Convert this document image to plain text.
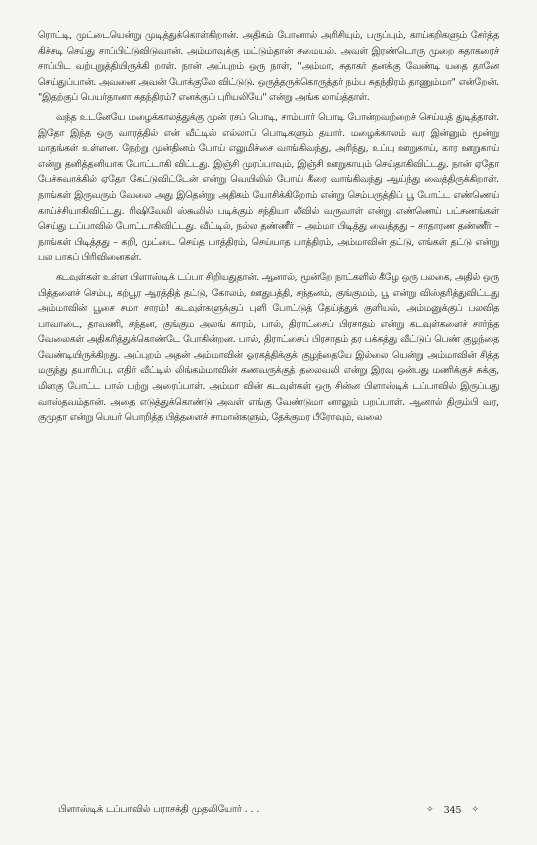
ரொட்டி, முட்டையென்று முடித்துக்கொள்கிறான். அதிகம் போனால் அரிசியும், பருப்பும், காய்கறிகளும் சேர்த்த கிச்சடி செய்து சாப்பிட்டுவிடுவான். அம்மாவுக்கு மட்டும்தான் சமையல். அவள் இரண்டொரு முறை சுதாகரைச் சாப்பிட வற்புறுத்தியிருக்கி றாள். நான் அப்புறம் ஒரு நாள், "அம்மா, சுதாகர் தனக்கு வேண்டி யதை தானே செய்துப்பான். அவனை அவன் போக்குலே விட்டுடு. ஒருத்தருக்கொருத்தர் நம்ப சுதந்திரம் தாணும்மா" என்றேன். "இதற்குப் பெயர்தானா சுதந்திரம்? எனக்குப் புரியலியே" என்று அங்க லாய்த்தாள்.

வந்த உடனேயே மழைக்காலத்துக்கு முன் ரசப் பொடி, சாம்பார் பொடி போன்றவற்றைச் செய்யத் துடித்தாள். இதோ இந்த ஒரு வாரத்தில் என் வீட்டில் எல்லாப் பொடிகளும் தயார். மழைக்காலம் வர இன்னும் மூன்று மாதங்கள் உள்ளன. நேற்று முன்தினம் போய் எலுமிச்சை வாங்கிவந்து, அரிந்து, உப்பு ஊறுகாய், கார ஊறுகாய் என்று தனித்தனியாக போட்டாகி விட்டது. இஞ்சி முரப்பாவும், இஞ்சி ஊறுகாயும் செய்தாகிவிட்டது. நான் ஏதோ பேச்சுவாக்கில் ஏதோ கேட்டுவிட்டேன் என்று வெயிலில் போய் கீரை வாங்கிவந்து ஆய்ந்து வைத்திருக்கிறாள். நாங்கள் இருவரும் வேலை அது இதென்று அதிகம் யோசிக்கிறோம் என்று செம்பருத்திப் பூ போட்ட எண்ணெய் காய்ச்சியாகிவிட்டது. ரிஷிவேலி ஸ்கூலில் படிக்கும் சந்தியா லீவில் வருவாள் என்று எண்ணெய் பட்சணங்கள் செய்து டப்பாவில் போட்டாகிவிட்டது. வீட்டில், நல்ல தண்ணீர் – அம்மா பிடித்து வைத்தது – சாதாரண தண்ணீர் – நாங்கள் பிடித்தது – கறி, முட்டை செய்த பாத்திரம், செய்யாத பாத்திரம், அம்மாவின் தட்டு, எங்கள் தட்டு என்று பல பாகப் பிரிவினைகள்.

கடவுள்கள் உள்ள பிளாஸ்டிக் டப்பா சிறியதுதான். ஆனால், மூன்றே நாட்களில் கீழே ஒரு பலகை, அதில் ஒரு பித்தளைச் செம்பு, கற்பூர ஆரத்தித் தட்டு, கோலம், ஊதுபத்தி, சந்தனம், குங்குமம், பூ என்று விஸ்தரித்துவிட்டது அம்மாவின் பூசை சமா சாரம்! கடவுள்களுக்குப் புளி போட்டுத் தேய்த்துக் குளியல், அம்மனுக்குப் பலவித பாவாடை, தாவணி, சந்தன, குங்கும அலங் காரம், பால், திராட்சைப் பிரசாதம் என்று கடவுள்களைச் சார்ந்த வேலைகள் அதிகரித்துக்கொண்டே போகின்றன. பால், திராட்சைப் பிரசாதம் தர பக்கத்து வீட்டுப் பெண் குழந்தை வேண்டியிருக்கிறது. அப்புறம் அதன் அம்மாவின் ஓரகத்திக்குக் குழந்தையே இல்லை யென்று அம்மாவின் சித்த மருந்து தயாரிப்பு. எதிர் வீட்டில் லிங்கம்மாவின் கணவருக்குத் தலைவலி என்று இரவு ஒன்பது மணிக்குச் சுக்கு, மிளகு போட்ட பால் பற்று அரைப்பாள். அம்மா வின் கடவுள்கள் ஒரு சின்ன பிளாஸ்டிக் டப்பாவில் இருப்பது வாஸ்தவம்தான். அதை எடுத்துக்கொண்டு அவள் எங்கு வேண்டுமா னாலும் பறப்பாள். ஆனால் திரும்பி வர, குமுதா என்று பெயர் பொறித்த பித்தளைச் சாமான்களும், தேக்குமர பீரோவும், வலை

பிளாஸ்டிக் டப்பாவில் பராசக்தி முதலியோர் . . .	✧ 345 ✧
